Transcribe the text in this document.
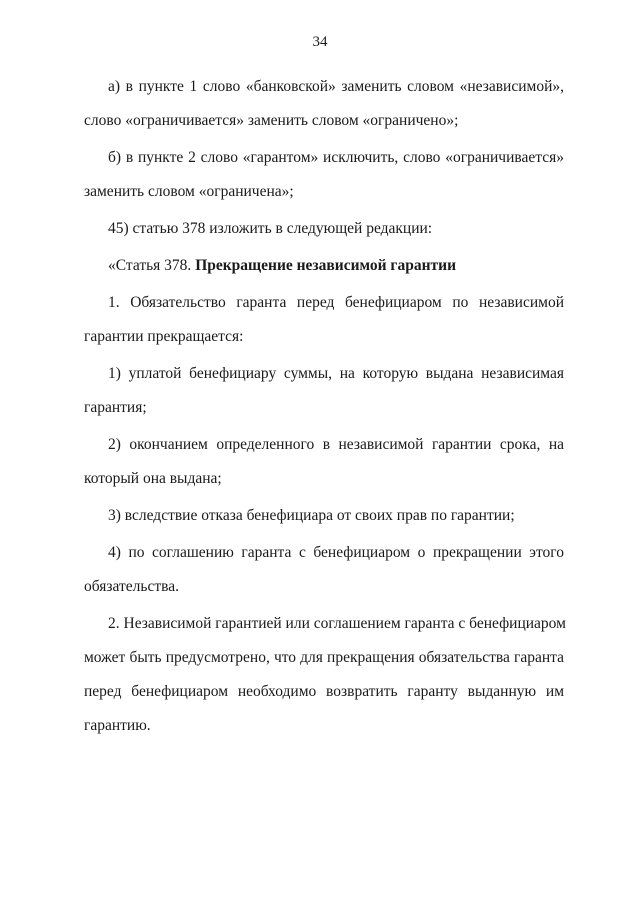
34

а) в пункте 1 слово «банковской» заменить словом «независимой»,
слово «ограничивается» заменить словом «ограничено»;

б) в пункте 2 слово «гарантом» исключить, слово «ограничивается»
заменить словом «ограничена»;

45) статью 378 изложить в следующей редакции:

«Статья 378. Прекращение независимой гарантии

1. Обязательство гаранта перед бенефициаром по независимой
гарантии прекращается:

1) уплатой бенефициару суммы, на которую выдана независимая
гарантия;

2) окончанием определенного в независимой гарантии срока, на
который она выдана;

3) вследствие отказа бенефициара от своих прав по гарантии;

4) по соглашению гаранта с бенефициаром о прекращении этого
обязательства.

2. Независимой гарантией или соглашением гаранта с бенефициаром
может быть предусмотрено, что для прекращения обязательства гаранта
перед бенефициаром необходимо возвратить гаранту выданную им
гарантию.
